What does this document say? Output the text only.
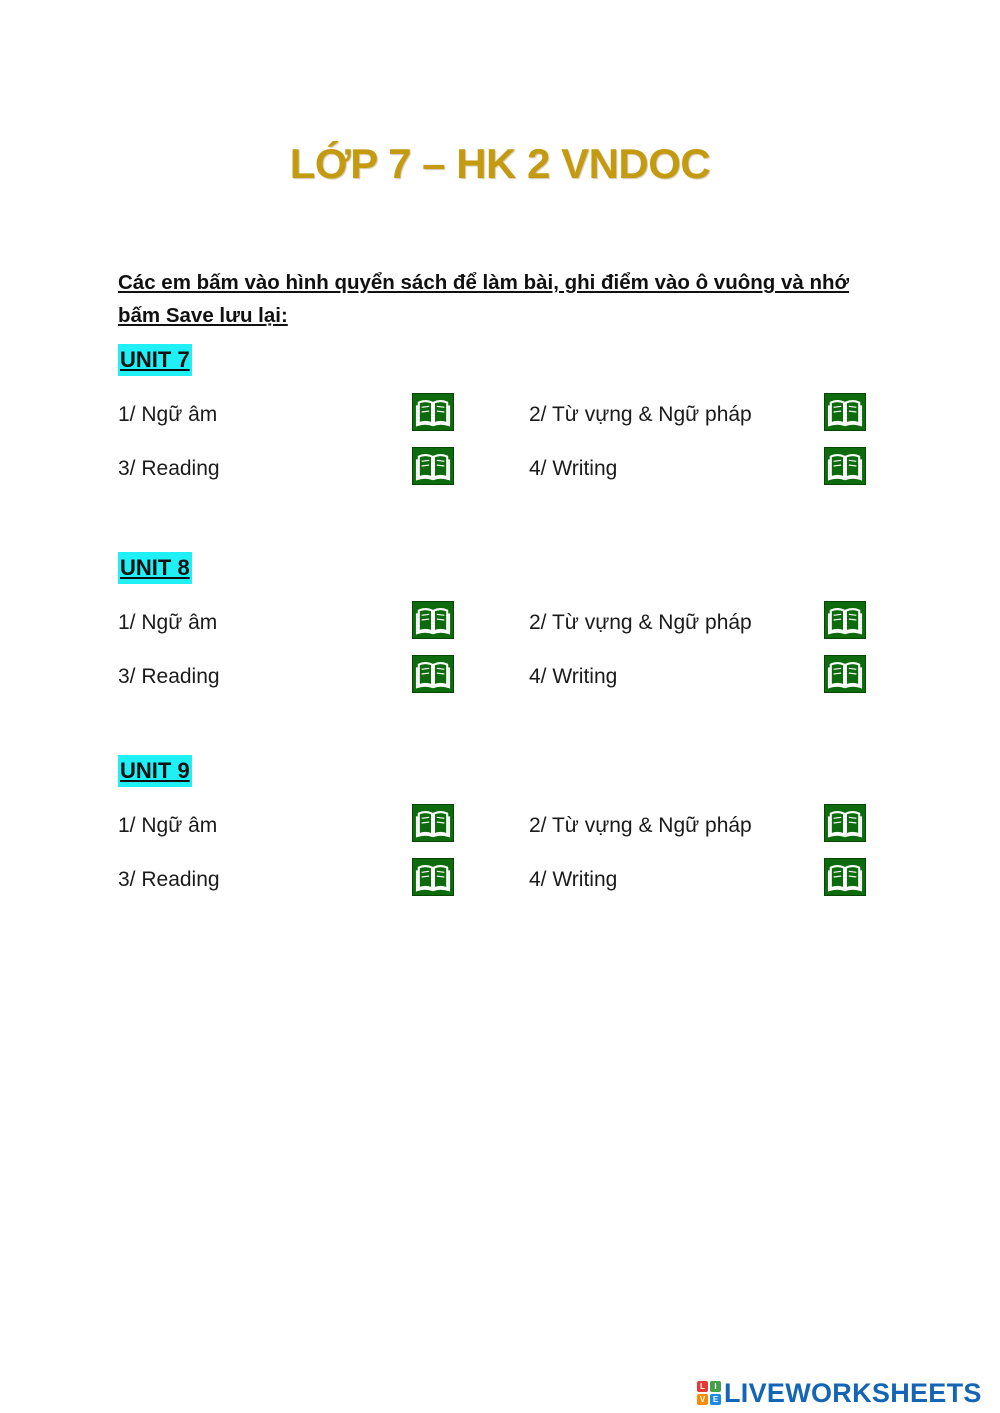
LỚP 7 – HK 2 VNDOC
Các em bấm vào hình quyển sách để làm bài, ghi điểm vào ô vuông và nhớ bấm Save lưu lại:
UNIT 7
1/ Ngữ âm	2/ Từ vựng & Ngữ pháp
3/ Reading	4/ Writing
UNIT 8
1/ Ngữ âm	2/ Từ vựng & Ngữ pháp
3/ Reading	4/ Writing
UNIT 9
1/ Ngữ âm	2/ Từ vựng & Ngữ pháp
3/ Reading	4/ Writing
L	I
V E LIVEWORKSHEETS
